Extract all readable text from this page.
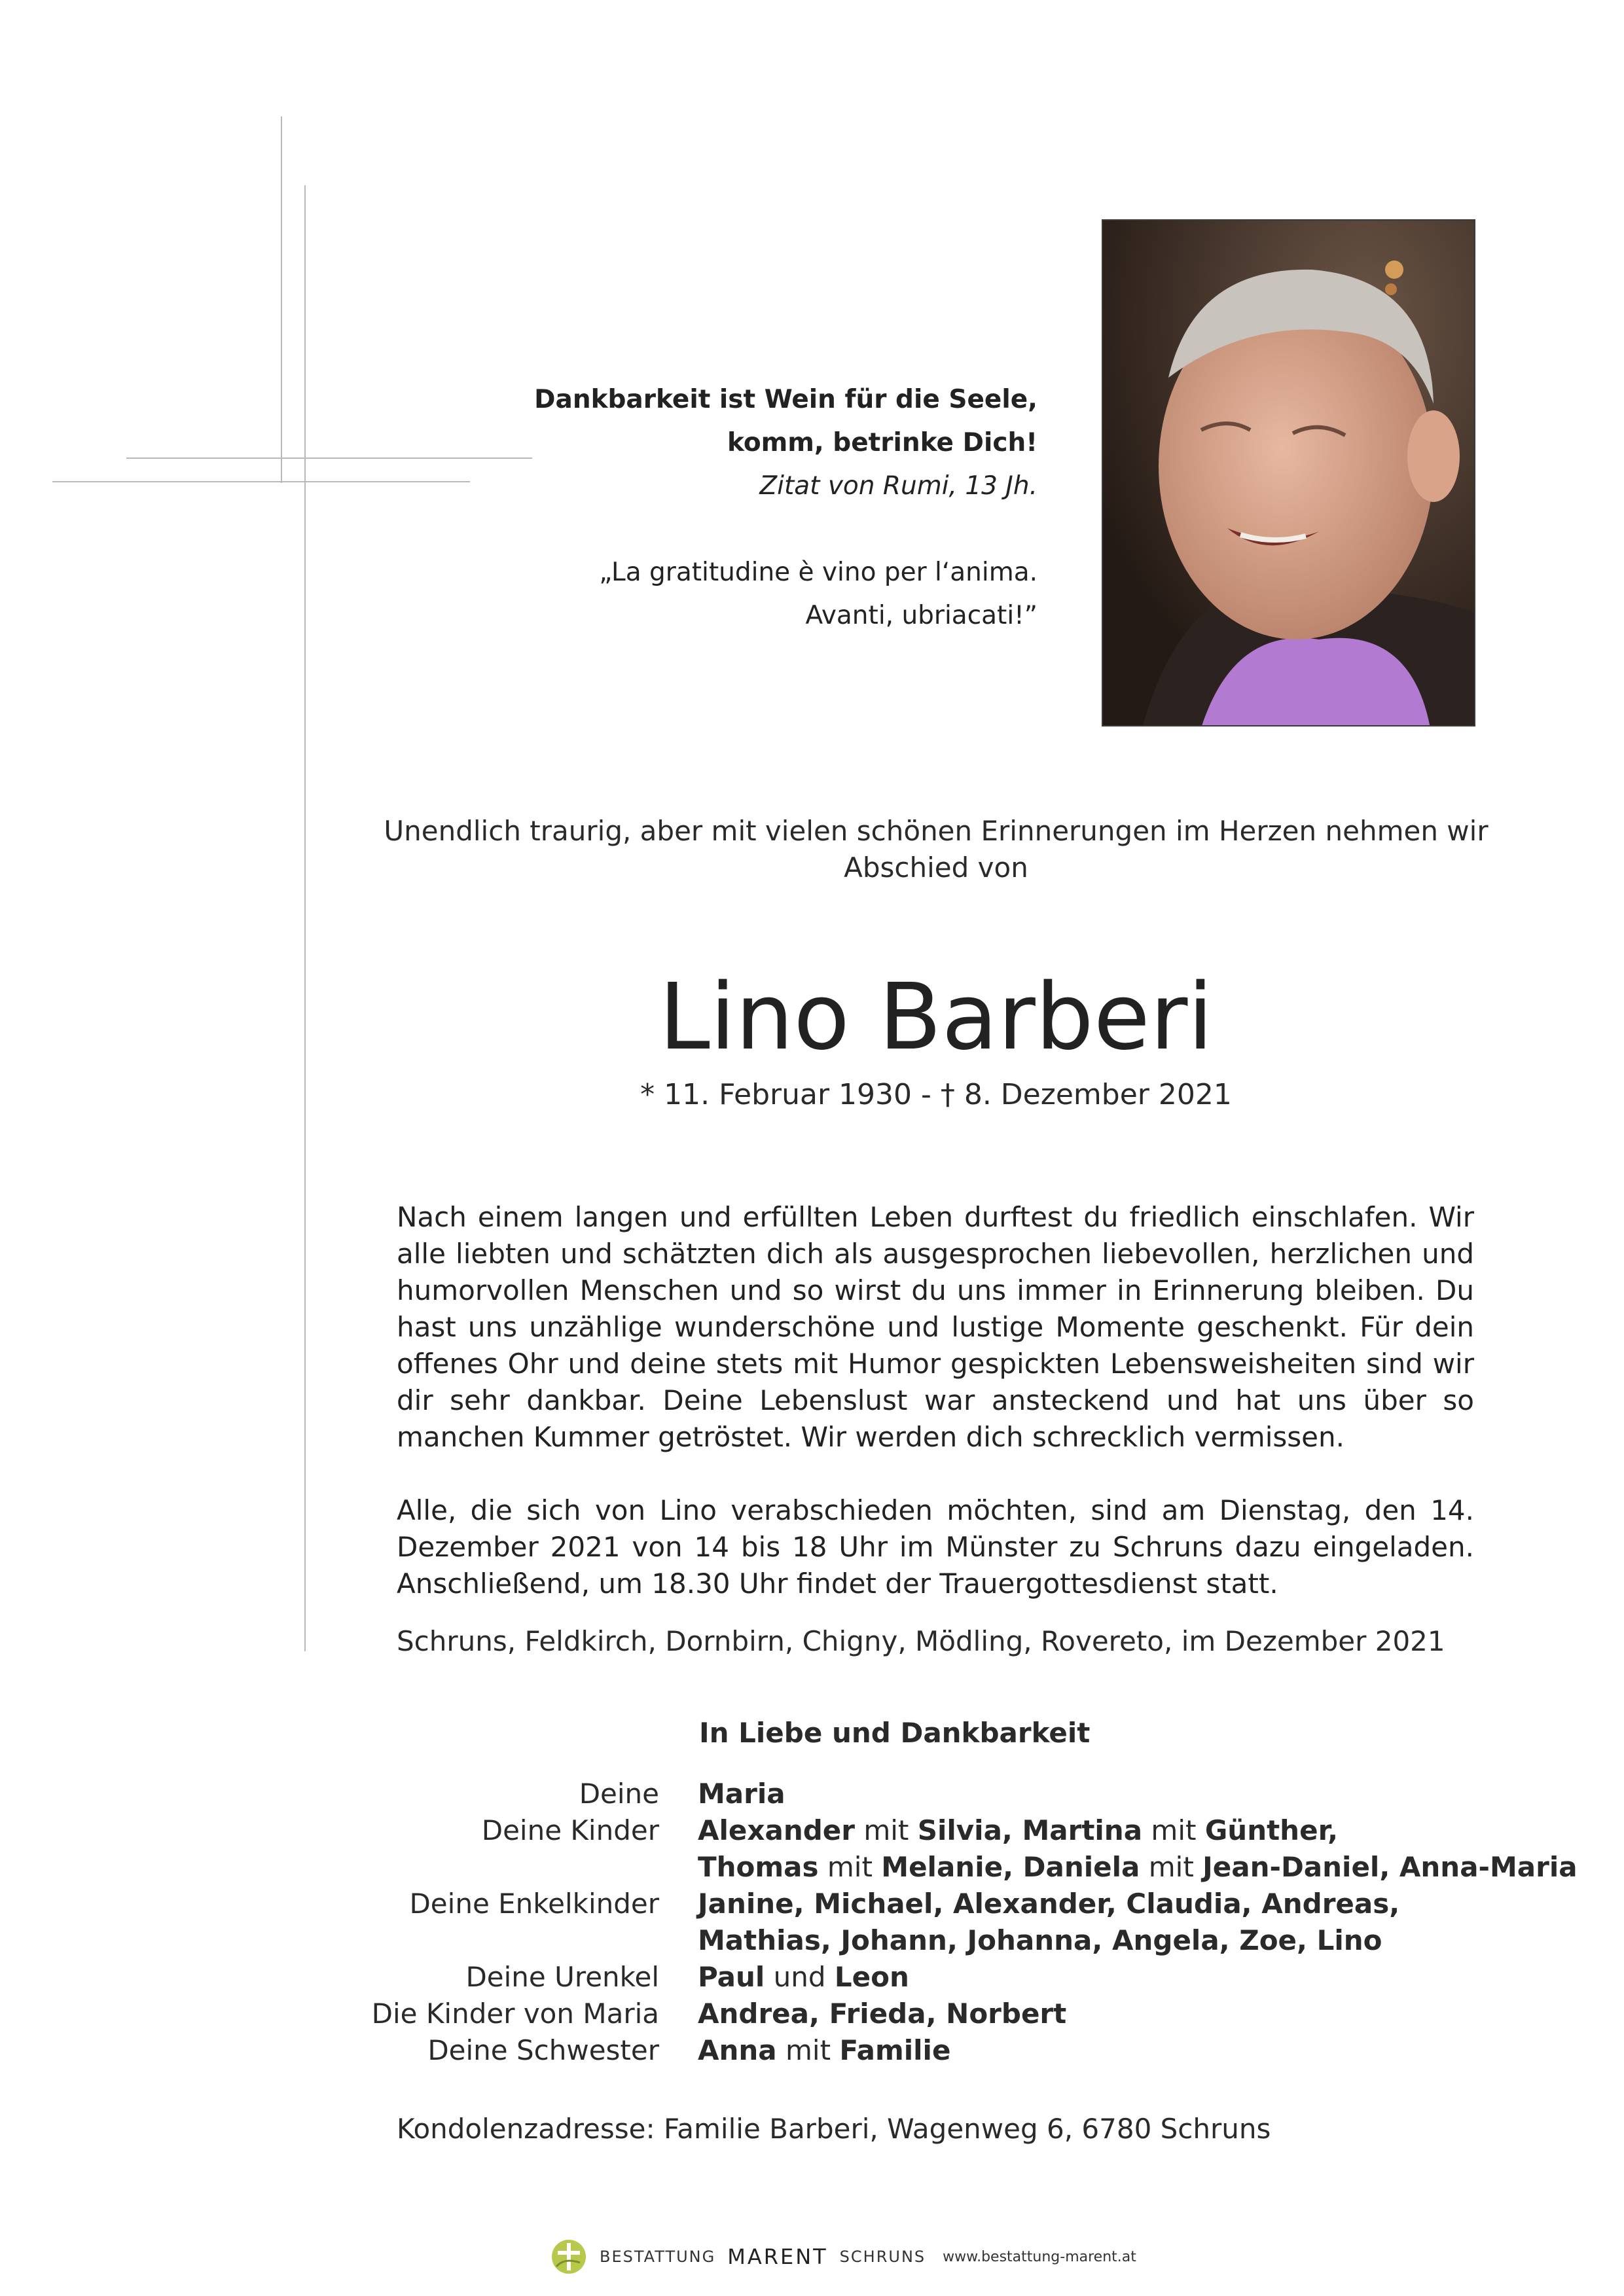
Dankbarkeit ist Wein für die Seele,
komm, betrinke Dich!
Zitat von Rumi, 13 Jh.
„La gratitudine è vino per l‘anima.
Avanti, ubriacati!”
Unendlich traurig, aber mit vielen schönen Erinnerungen im Herzen nehmen wir
Abschied von
Lino Barberi
* 11. Februar 1930 - † 8. Dezember 2021
Nach einem langen und erfüllten Leben durftest du friedlich einschlafen. Wir alle liebten und schätzten dich als ausgesprochen liebevollen, herzlichen und humorvollen Menschen und so wirst du uns immer in Erinnerung bleiben. Du hast uns unzählige wunderschöne und lustige Momente geschenkt. Für dein offenes Ohr und deine stets mit Humor gespickten Lebensweisheiten sind wir dir sehr dankbar. Deine Lebenslust war ansteckend und hat uns über so manchen Kummer getröstet. Wir werden dich schrecklich vermissen.
Alle, die sich von Lino verabschieden möchten, sind am Dienstag, den 14. Dezember 2021 von 14 bis 18 Uhr im Münster zu Schruns dazu eingeladen. Anschließend, um 18.30 Uhr findet der Trauergottesdienst statt.
Schruns, Feldkirch, Dornbirn, Chigny, Mödling, Rovereto, im Dezember 2021
In Liebe und Dankbarkeit
Deine Maria
Deine Kinder Alexander mit Silvia, Martina mit Günther,
Thomas mit Melanie, Daniela mit Jean-Daniel, Anna-Maria
Deine Enkelkinder Janine, Michael, Alexander, Claudia, Andreas,
Mathias, Johann, Johanna, Angela, Zoe, Lino
Deine Urenkel Paul und Leon
Die Kinder von Maria Andrea, Frieda, Norbert
Deine Schwester Anna mit Familie
Kondolenzadresse: Familie Barberi, Wagenweg 6, 6780 Schruns
BESTATTUNG MARENT SCHRUNS www.bestattung-marent.at
